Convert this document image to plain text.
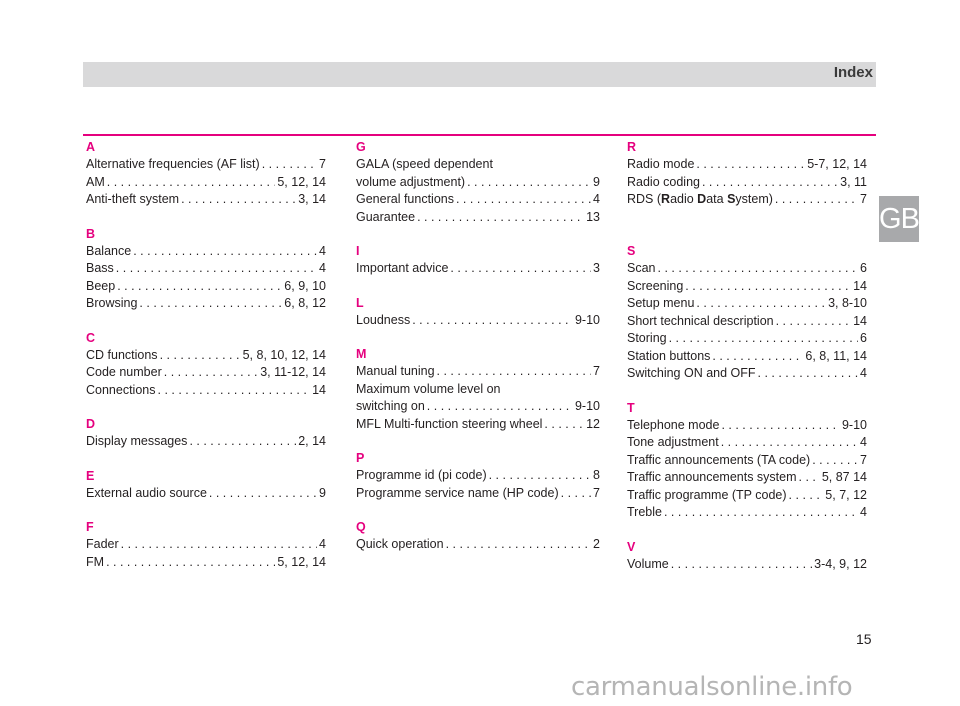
Index
GB
A
Alternative frequencies (AF list) . . .	7
AM . . .	5, 12, 14
Anti-theft system . . .	3, 14
B
Balance . . .	4
Bass . . .	4
Beep . . .	6, 9, 10
Browsing . . .	6, 8, 12
C
CD functions . . .	5, 8, 10, 12, 14
Code number . . .	3, 11-12, 14
Connections . . .	14
D
Display messages . . .	2, 14
E
External audio source . . .	9
F
Fader . . .	4
FM . . .	5, 12, 14
G
GALA (speed dependent
volume adjustment) . . .	9
General functions . . .	4
Guarantee . . .	13
I
Important advice . . .	3
L
Loudness . . .	9-10
M
Manual tuning . . .	7
Maximum volume level on
switching on . . .	9-10
MFL Multi-function steering wheel . . .	12
P
Programme id (pi code) . . .	8
Programme service name (HP code) . . .	7
Q
Quick operation . . .	2
R
Radio mode . . .	5-7, 12, 14
Radio coding . . .	3, 11
RDS (Radio Data System) . . .	7

S
Scan . . .	6
Screening . . .	14
Setup menu . . .	3, 8-10
Short technical description . . .	14
Storing . . .	6
Station buttons . . .	6, 8, 11, 14
Switching ON and OFF . . .	4
T
Telephone mode . . .	9-10
Tone adjustment . . .	4
Traffic announcements (TA code) . . .	7
Traffic announcements system . . . 5, 87 14
Traffic programme (TP code) . . .	5, 7, 12
Treble . . .	4
V
Volume . . .	3-4, 9, 12
15
carmanualsonline.info
